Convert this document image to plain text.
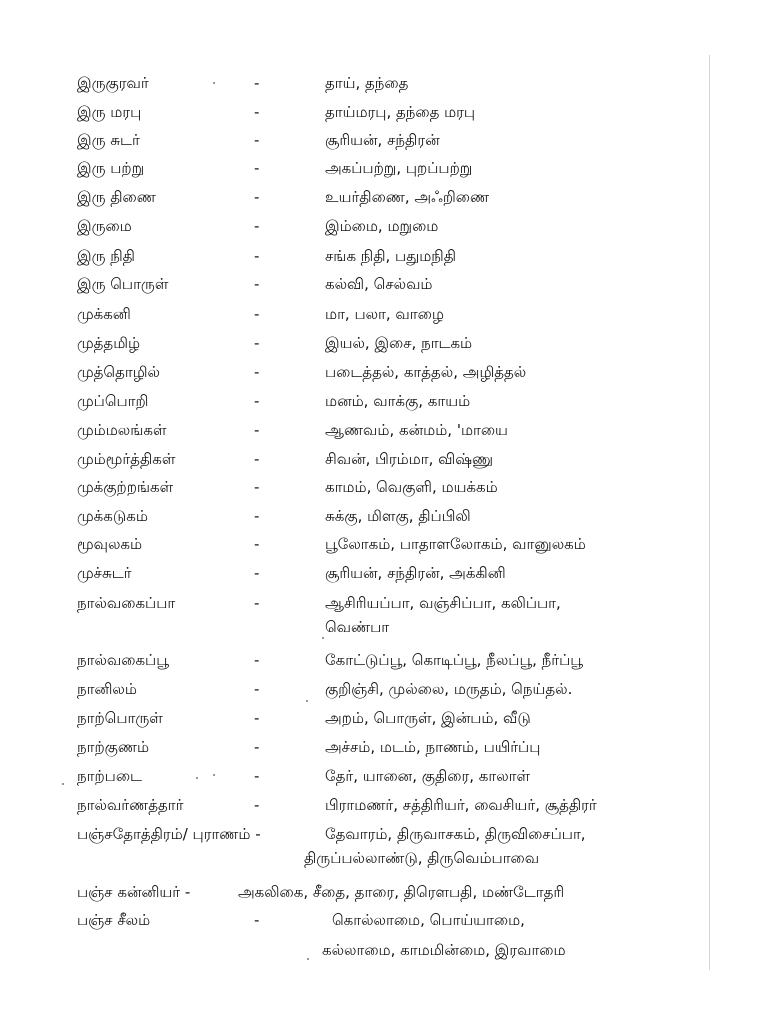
இருகுரவர்	-	தாய், தந்தை
இரு மரபு	-	தாய்மரபு, தந்தை மரபு
இரு சுடர்	-	சூரியன், சந்திரன்
இரு பற்று	-	அகப்பற்று, புறப்பற்று
இரு திணை	-	உயர்திணை, அஃறிணை
இருமை	-	இம்மை, மறுமை
இரு நிதி	-	சங்க நிதி, பதுமநிதி
இரு பொருள்	-	கல்வி, செல்வம்
முக்கனி	-	மா, பலா, வாழை
முத்தமிழ்	-	இயல், இசை, நாடகம்
முத்தொழில்	-	படைத்தல், காத்தல், அழித்தல்
முப்பொறி	-	மனம், வாக்கு, காயம்
மும்மலங்கள்	-	ஆணவம், கன்மம், 'மாயை
மும்மூர்த்திகள்	-	சிவன், பிரம்மா, விஷ்ணு
முக்குற்றங்கள்	-	காமம், வெகுளி, மயக்கம்
முக்கடுகம்	-	சுக்கு, மிளகு, திப்பிலி
மூவுலகம்	-	பூலோகம், பாதாளலோகம், வானுலகம்
முச்சுடர்	-	சூரியன், சந்திரன், அக்கினி
நால்வகைப்பா	-	ஆசிரியப்பா, வஞ்சிப்பா, கலிப்பா,
வெண்பா
நால்வகைப்பூ	-	கோட்டுப்பூ, கொடிப்பூ, நீலப்பூ, நீர்ப்பூ
நானிலம்	-	குறிஞ்சி, முல்லை, மருதம், நெய்தல்.
நாற்பொருள்	-	அறம், பொருள், இன்பம், வீடு
நாற்குணம்	-	அச்சம், மடம், நாணம், பயிர்ப்பு
நாற்படை	-	தேர், யானை, குதிரை, காலாள்
நால்வர்ணத்தார்	-	பிராமணர், சத்திரியர், வைசியர், சூத்திரர்
பஞ்சதோத்திரம்/ புராணம் -	தேவாரம், திருவாசகம், திருவிசைப்பா,
திருப்பல்லாண்டு, திருவெம்பாவை
பஞ்ச கன்னியர் -	அகலிகை, சீதை, தாரை, திரௌபதி, மண்டோதரி
பஞ்ச சீலம்	-	கொல்லாமை, பொய்யாமை,
கல்லாமை, காமமின்மை, இரவாமை
